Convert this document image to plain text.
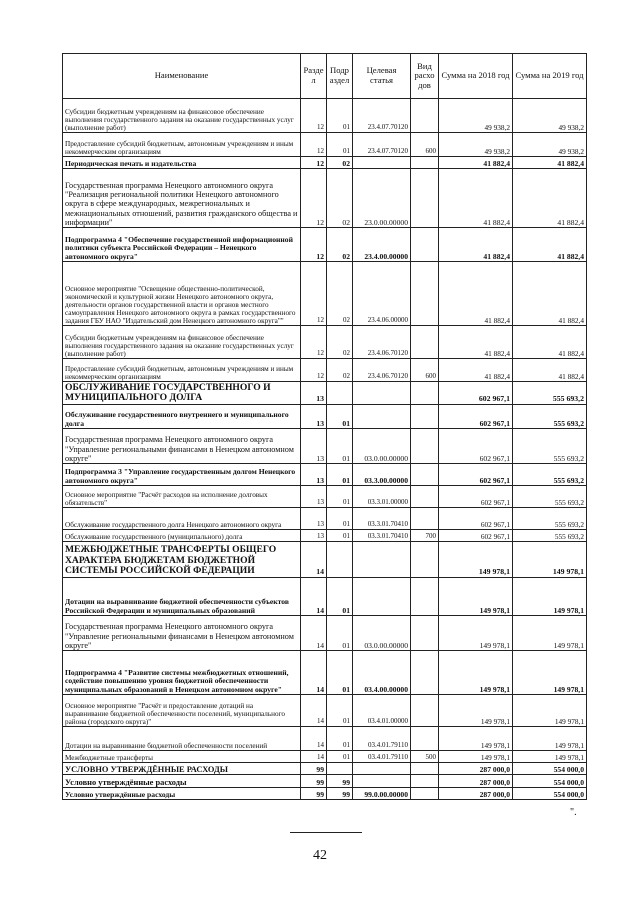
Наименование	Разде л	Подр аздел	Целевая статья	Вид расхо дов	Сумма на 2018 год	Сумма на 2019 год
Субсидии бюджетным учреждениям на финансовое обеспечение выполнения государственного задания на оказание государственных услуг (выполнение работ)	12	01	23.4.07.70120		49 938,2	49 938,2
Предоставление субсидий бюджетным, автономным учреждениям и иным некоммерческим организациям	12	01	23.4.07.70120	600	49 938,2	49 938,2
Периодическая печать и издательства	12	02			41 882,4	41 882,4
Государственная программа Ненецкого автономного округа "Реализация региональной политики Ненецкого автономного округа в сфере международных, межрегиональных и межнациональных отношений, развития гражданского общества и информации"	12	02	23.0.00.00000		41 882,4	41 882,4
Подпрограмма 4 "Обеспечение государственной информационной политики субъекта Российской Федерации – Ненецкого автономного округа"	12	02	23.4.00.00000		41 882,4	41 882,4
Основное мероприятие "Освещение общественно-политической, экономической и культурной жизни Ненецкого автономного округа, деятельности органов государственной власти и органов местного самоуправления Ненецкого автономного округа в рамках государственного задания ГБУ НАО "Издательский дом Ненецкого автономного округа""	12	02	23.4.06.00000		41 882,4	41 882,4
Субсидии бюджетным учреждениям на финансовое обеспечение выполнения государственного задания на оказание государственных услуг (выполнение работ)	12	02	23.4.06.70120		41 882,4	41 882,4
Предоставление субсидий бюджетным, автономным учреждениям и иным некоммерческим организациям	12	02	23.4.06.70120	600	41 882,4	41 882,4
ОБСЛУЖИВАНИЕ ГОСУДАРСТВЕННОГО И МУНИЦИПАЛЬНОГО ДОЛГА	13				602 967,1	555 693,2
Обслуживание государственного внутреннего и муниципального долга	13	01			602 967,1	555 693,2
Государственная программа Ненецкого автономного округа "Управление региональными финансами в Ненецком автономном округе"	13	01	03.0.00.00000		602 967,1	555 693,2
Подпрограмма 3 "Управление государственным долгом Ненецкого автономного округа"	13	01	03.3.00.00000		602 967,1	555 693,2
Основное мероприятие "Расчёт расходов на исполнение долговых обязательств"	13	01	03.3.01.00000		602 967,1	555 693,2
Обслуживание государственного долга Ненецкого автономного округа	13	01	03.3.01.70410		602 967,1	555 693,2
Обслуживание государственного (муниципального) долга	13	01	03.3.01.70410	700	602 967,1	555 693,2
МЕЖБЮДЖЕТНЫЕ ТРАНСФЕРТЫ ОБЩЕГО ХАРАКТЕРА БЮДЖЕТАМ БЮДЖЕТНОЙ СИСТЕМЫ РОССИЙСКОЙ ФЕДЕРАЦИИ	14				149 978,1	149 978,1
Дотации на выравнивание бюджетной обеспеченности субъектов Российской Федерации и муниципальных образований	14	01			149 978,1	149 978,1
Государственная программа Ненецкого автономного округа "Управление региональными финансами в Ненецком автономном округе"	14	01	03.0.00.00000		149 978,1	149 978,1
Подпрограмма 4 "Развитие системы межбюджетных отношений, содействие повышению уровня бюджетной обеспеченности муниципальных образований в Ненецком автономном округе"	14	01	03.4.00.00000		149 978,1	149 978,1
Основное мероприятие "Расчёт и предоставление дотаций на выравнивание бюджетной обеспеченности поселений, муниципального района (городского округа)"	14	01	03.4.01.00000		149 978,1	149 978,1
Дотации на выравнивание бюджетной обеспеченности поселений	14	01	03.4.01.79110		149 978,1	149 978,1
Межбюджетные трансферты	14	01	03.4.01.79110	500	149 978,1	149 978,1
УСЛОВНО УТВЕРЖДЁННЫЕ РАСХОДЫ	99				287 000,0	554 000,0
Условно утверждённые расходы	99	99			287 000,0	554 000,0
Условно утверждённые расходы	99	99	99.0.00.00000		287 000,0	554 000,0
".
42
